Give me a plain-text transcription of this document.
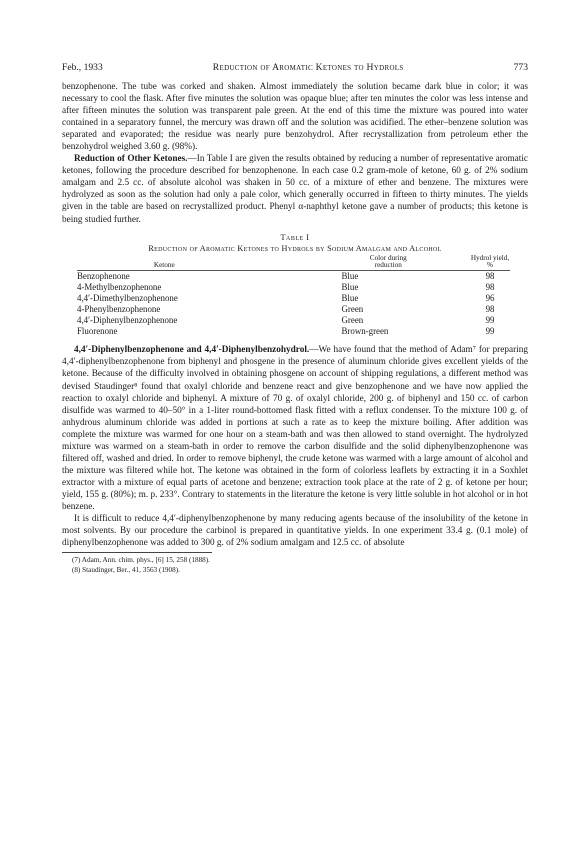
Feb., 1933	Reduction of Aromatic Ketones to Hydrols	773

benzophenone. The tube was corked and shaken. Almost immediately the solution became dark blue in color; it was necessary to cool the flask. After five minutes the solution was opaque blue; after ten minutes the color was less intense and after fifteen minutes the solution was transparent pale green. At the end of this time the mixture was poured into water contained in a separatory funnel, the mercury was drawn off and the solution was acidified. The ether–benzene solution was separated and evaporated; the residue was nearly pure benzohydrol. After recrystallization from petroleum ether the benzohydrol weighed 3.60 g. (98%).

Reduction of Other Ketones.—In Table I are given the results obtained by reducing a number of representative aromatic ketones, following the procedure described for benzophenone. In each case 0.2 gram-mole of ketone, 60 g. of 2% sodium amalgam and 2.5 cc. of absolute alcohol was shaken in 50 cc. of a mixture of ether and benzene. The mixtures were hydrolyzed as soon as the solution had only a pale color, which generally occurred in fifteen to thirty minutes. The yields given in the table are based on recrystallized product. Phenyl α-naphthyl ketone gave a number of products; this ketone is being studied further.

Table I
Reduction of Aromatic Ketones to Hydrols by Sodium Amalgam and Alcohol
Ketone	Color during reduction	Hydrol yield, %
Benzophenone	Blue	98
4-Methylbenzophenone	Blue	98
4,4′-Dimethylbenzophenone	Blue	96
4-Phenylbenzophenone	Green	98
4,4′-Diphenylbenzophenone	Green	99
Fluorenone	Brown-green	99

4,4′-Diphenylbenzophenone and 4,4′-Diphenylbenzohydrol.—We have found that the method of Adam⁷ for preparing 4,4′-diphenylbenzophenone from biphenyl and phosgene in the presence of aluminum chloride gives excellent yields of the ketone. Because of the difficulty involved in obtaining phosgene on account of shipping regulations, a different method was devised Staudinger⁸ found that oxalyl chloride and benzene react and give benzophenone and we have now applied the reaction to oxalyl chloride and biphenyl. A mixture of 70 g. of oxalyl chloride, 200 g. of biphenyl and 150 cc. of carbon disulfide was warmed to 40–50° in a 1-liter round-bottomed flask fitted with a reflux condenser. To the mixture 100 g. of anhydrous aluminum chloride was added in portions at such a rate as to keep the mixture boiling. After addition was complete the mixture was warmed for one hour on a steam-bath and was then allowed to stand overnight. The hydrolyzed mixture was warmed on a steam-bath in order to remove the carbon disulfide and the solid diphenylbenzophenone was filtered off, washed and dried. In order to remove biphenyl, the crude ketone was warmed with a large amount of alcohol and the mixture was filtered while hot. The ketone was obtained in the form of colorless leaflets by extracting it in a Soxhlet extractor with a mixture of equal parts of acetone and benzene; extraction took place at the rate of 2 g. of ketone per hour; yield, 155 g. (80%); m. p. 233°. Contrary to statements in the literature the ketone is very little soluble in hot alcohol or in hot benzene.

It is difficult to reduce 4,4′-diphenylbenzophenone by many reducing agents because of the insolubility of the ketone in most solvents. By our procedure the carbinol is prepared in quantitative yields. In one experiment 33.4 g. (0.1 mole) of diphenylbenzophenone was added to 300 g. of 2% sodium amalgam and 12.5 cc. of absolute

(7) Adam, Ann. chim. phys., [6] 15, 258 (1888).
(8) Staudinger, Ber., 41, 3563 (1908).
